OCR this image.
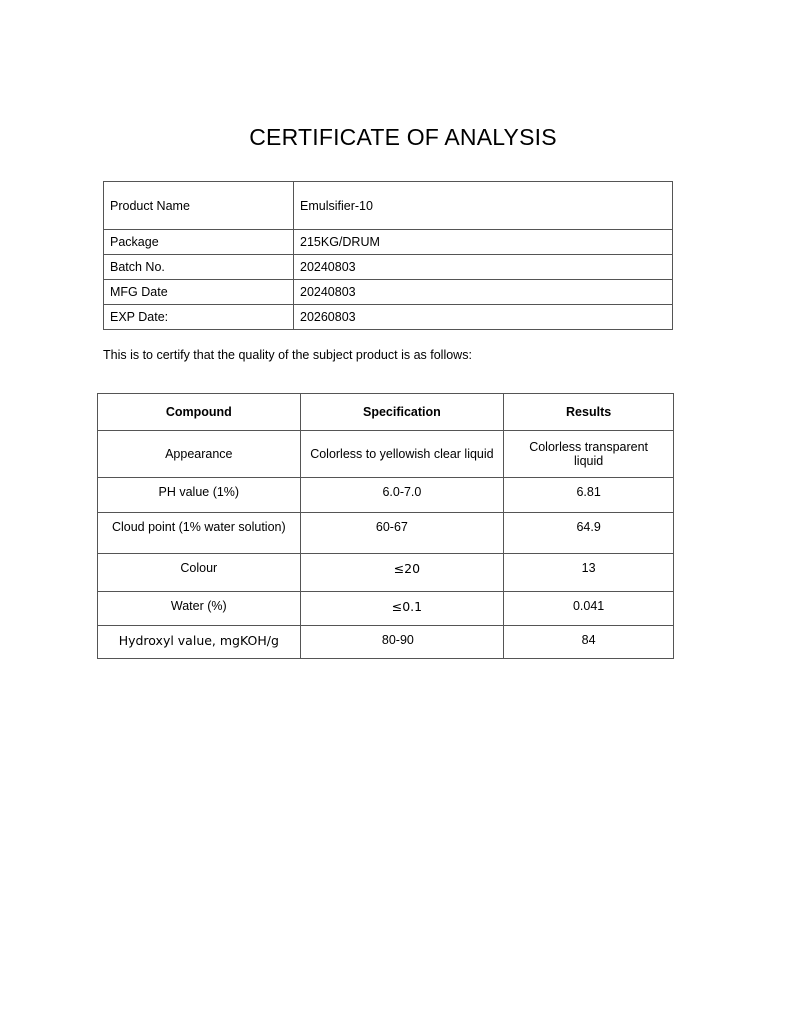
CERTIFICATE OF ANALYSIS
Product Name	Emulsifier-10
Package	215KG/DRUM
Batch No.	20240803
MFG Date	20240803
EXP Date:	20260803
This is to certify that the quality of the subject product is as follows:
Compound	Specification	Results
Appearance	Colorless to yellowish clear liquid	Colorless transparent liquid
PH value (1%)	6.0-7.0	6.81
Cloud point (1% water solution)	60-67	64.9
Colour	≤20	13
Water (%)	≤0.1	0.041
Hydroxyl value, mgKOH/g	80-90	84
